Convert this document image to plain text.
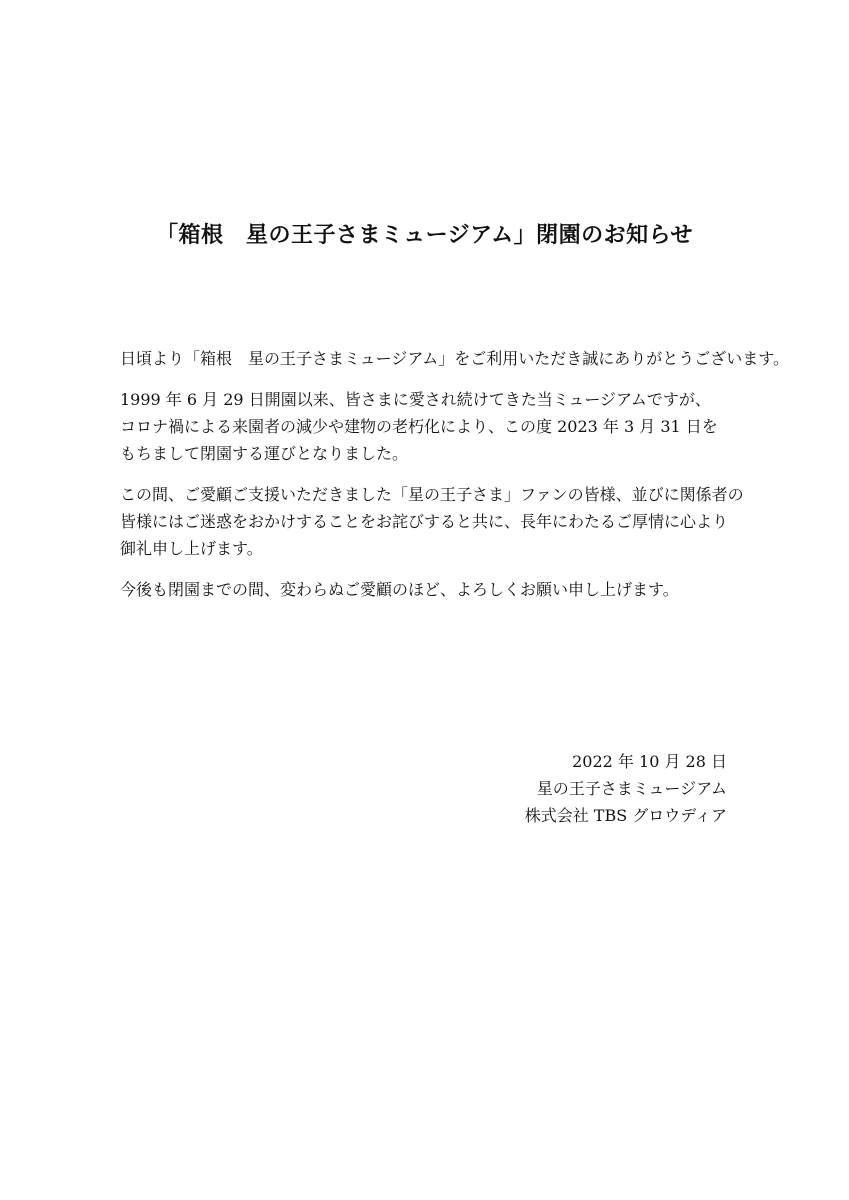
「箱根　星の王子さまミュージアム」閉園のお知らせ

日頃より「箱根　星の王子さまミュージアム」をご利用いただき誠にありがとうございます。

1999 年 6 月 29 日開園以来、皆さまに愛され続けてきた当ミュージアムですが、
コロナ禍による来園者の減少や建物の老朽化により、この度 2023 年 3 月 31 日を
もちまして閉園する運びとなりました。

この間、ご愛顧ご支援いただきました「星の王子さま」ファンの皆様、並びに関係者の
皆様にはご迷惑をおかけすることをお詫びすると共に、長年にわたるご厚情に心より
御礼申し上げます。

今後も閉園までの間、変わらぬご愛顧のほど、よろしくお願い申し上げます。

2022 年 10 月 28 日
星の王子さまミュージアム
株式会社 TBS グロウディア
